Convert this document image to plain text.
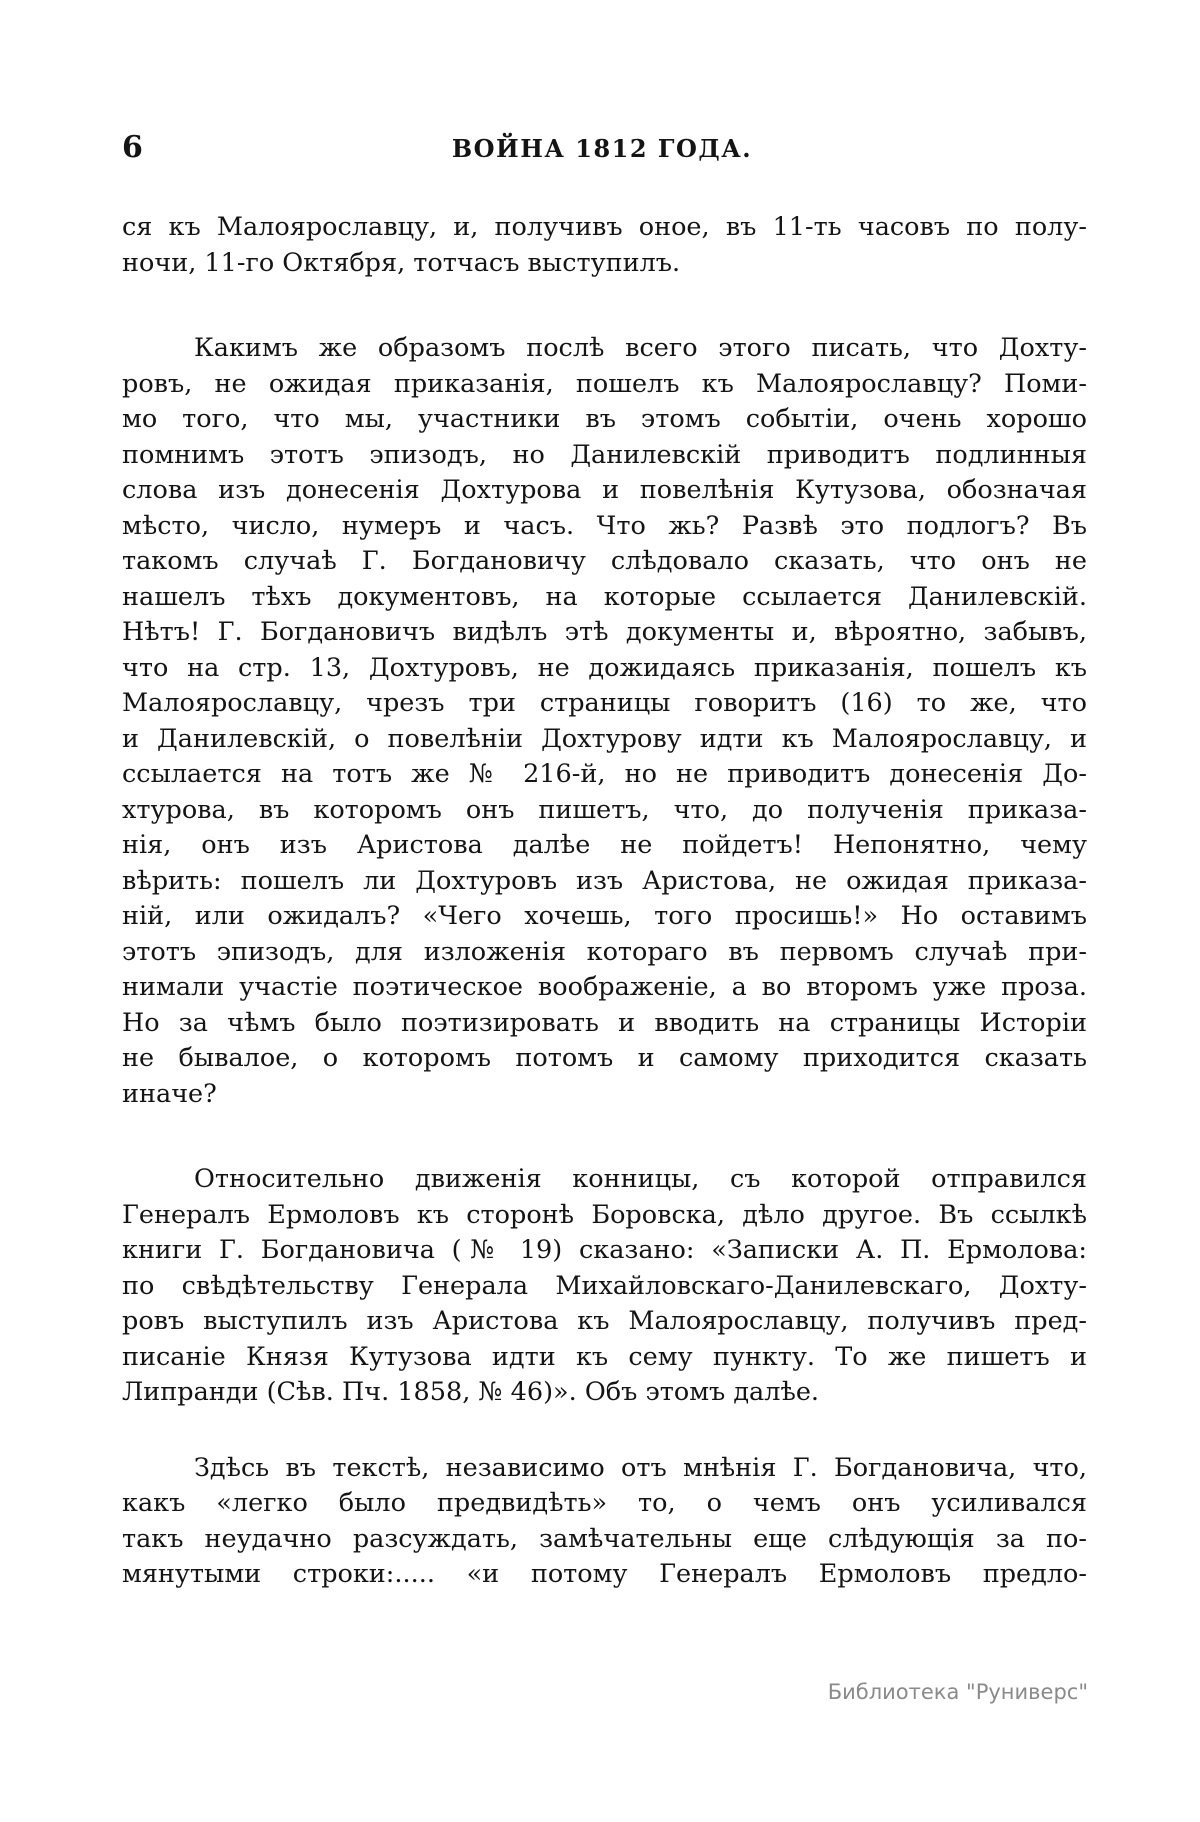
6	ВОЙНА 1812 ГОДА.
ся къ Малоярославцу, и, получивъ оное, въ 11-ть часовъ по полу-
ночи, 11-го Октября, тотчасъ выступилъ.
Какимъ же образомъ послѣ всего этого писать, что Дохту-
ровъ, не ожидая приказанія, пошелъ къ Малоярославцу? Поми-
мо того, что мы, участники въ этомъ событіи, очень хорошо
помнимъ этотъ эпизодъ, но Данилевскій приводитъ подлинныя
слова изъ донесенія Дохтурова и повелѣнія Кутузова, обозначая
мѣсто, число, нумеръ и часъ. Что жь? Развѣ это подлогъ? Въ
такомъ случаѣ Г. Богдановичу слѣдовало сказать, что онъ не
нашелъ тѣхъ документовъ, на которые ссылается Данилевскій.
Нѣтъ! Г. Богдановичъ видѣлъ этѣ документы и, вѣроятно, забывъ,
что на стр. 13, Дохтуровъ, не дожидаясь приказанія, пошелъ къ
Малоярославцу, чрезъ три страницы говоритъ (16) то же, что
и Данилевскій, о повелѣніи Дохтурову идти къ Малоярославцу, и
ссылается на тотъ же № 216-й, но не приводитъ донесенія До-
хтурова, въ которомъ онъ пишетъ, что, до полученія приказа-
нія, онъ изъ Аристова далѣе не пойдетъ! Непонятно, чему
вѣрить: пошелъ ли Дохтуровъ изъ Аристова, не ожидая приказа-
ній, или ожидалъ? «Чего хочешь, того просишь!» Но оставимъ
этотъ эпизодъ, для изложенія котораго въ первомъ случаѣ при-
нимали участіе поэтическое воображеніе, а во второмъ уже проза.
Но за чѣмъ было поэтизировать и вводить на страницы Исторіи
не бывалое, о которомъ потомъ и самому приходится сказать
иначе?
Относительно движенія конницы, съ которой отправился
Генералъ Ермоловъ къ сторонѣ Боровска, дѣло другое. Въ ссылкѣ
книги Г. Богдановича (№ 19) сказано: «Записки А. П. Ермолова:
по свѣдѣтельству Генерала Михайловскаго-Данилевскаго, Дохту-
ровъ выступилъ изъ Аристова къ Малоярославцу, получивъ пред-
писаніе Князя Кутузова идти къ сему пункту. То же пишетъ и
Липранди (Сѣв. Пч. 1858, № 46)». Объ этомъ далѣе.
Здѣсь въ текстѣ, независимо отъ мнѣнія Г. Богдановича, что,
какъ «легко было предвидѣть» то, о чемъ онъ усиливался
такъ неудачно разсуждать, замѣчательны еще слѣдующія за по-
мянутыми строки:..... «и потому Генералъ Ермоловъ предло-
Библиотека "Руниверс"
